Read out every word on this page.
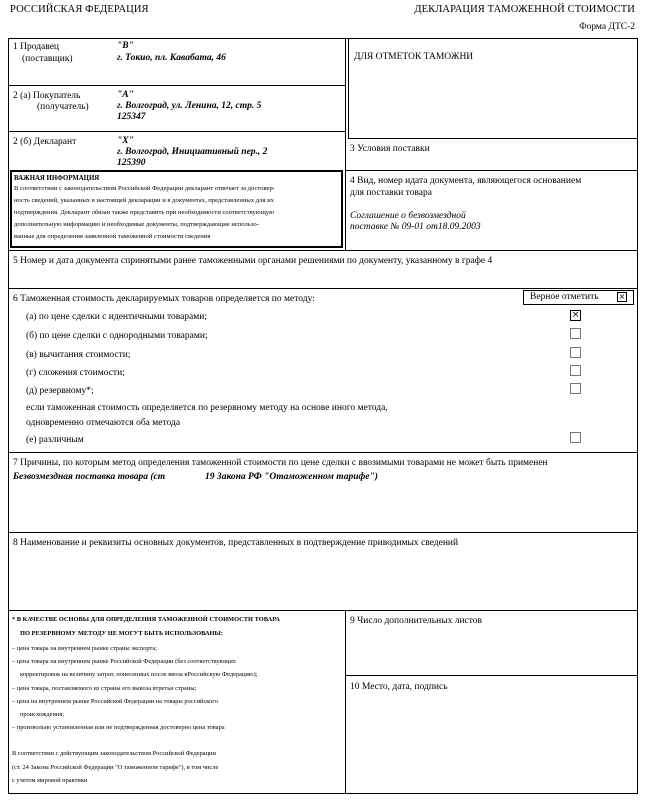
РОССИЙСКАЯ ФЕДЕРАЦИЯ	ДЕКЛАРАЦИЯ ТАМОЖЕННОЙ СТОИМОСТИ
Форма ДТС-2
1 Продавец
(поставщик)
"B"
г. Токио, пл. Кавабата, 46
2 (а) Покупатель
(получатель)
"A"
г. Волгоград, ул. Ленина, 12, стр. 5
125347
2 (б) Декларант	"X"
г. Волгоград, Инициативный пер., 2
125390
ДЛЯ ОТМЕТОК ТАМОЖНИ
3 Условия поставки
ВАЖНАЯ ИНФОРМАЦИЯ
В соответствии с законодательством Российской Федерации декларант отвечает за достовер-
ность сведений, указанных в настоящей декларации и в документах, представленных для их
подтверждения. Декларант обязан также представить при необходимости соответствующую
дополнительную информацию и необходимые документы, подтверждающие использо-
ванные для определения заявленной таможенной стоимости сведения
4 Вид, номер идата документа, являющегося основанием
для поставки товара
Соглашение о безвозмездной
поставке № 09-01 от18.09.2003
5 Номер и дата документа спринятыми ранее таможенными органами решениями по документу, указанному в графе 4
6 Таможенная стоимость декларируемых товаров определяется по методу:	Верное отметить	×
(а) по цене сделки с идентичными товарами;	×
(б) по цене сделки с однородными товарами;
(в) вычитания стоимости;
(г) сложения стоимости;
(д) резервному*;
если таможенная стоимость определяется по резервному методу на основе иного метода,
одновременно отмечаются оба метода
(е) различным
7 Причины, по которым метод определения таможенной стоимости по цене сделки с ввозимыми товарами не может быть применен
Безвозмездная поставка товара (ст	19 Закона РФ "Отаможенном тарифе")
8 Наименование и реквизиты основных документов, представленных в подтверждение приводимых сведений
* В КАЧЕСТВЕ ОСНОВЫ ДЛЯ ОПРЕДЕЛЕНИЯ ТАМОЖЕННОЙ СТОИМОСТИ ТОВАРА
ПО РЕЗЕРВНОМУ МЕТОДУ НЕ МОГУТ БЫТЬ ИСПОЛЬЗОВАНЫ:
– цена товара на внутреннем рынке страны экспорта;
– цена товара на внутреннем рынке Российской Федерации (без соответствующих
корректировок на величину затрат, понесенных после ввоза вРоссийскую Федерацию);
– цена товара, поставляемого из страны его вывоза втретьи страны;
– цена на внутреннем рынке Российской Федерации на товары российского
происхождения;
– произвольно установленная или не подтвержденная достоверно цена товара
В соответствии с действующим законодательством Российской Федерации
(ст. 24 Закона Российской Федерации "О таможенном тарифе"), в том числе
с учетом мировой практики
9 Число дополнительных листов
10 Место, дата, подпись
